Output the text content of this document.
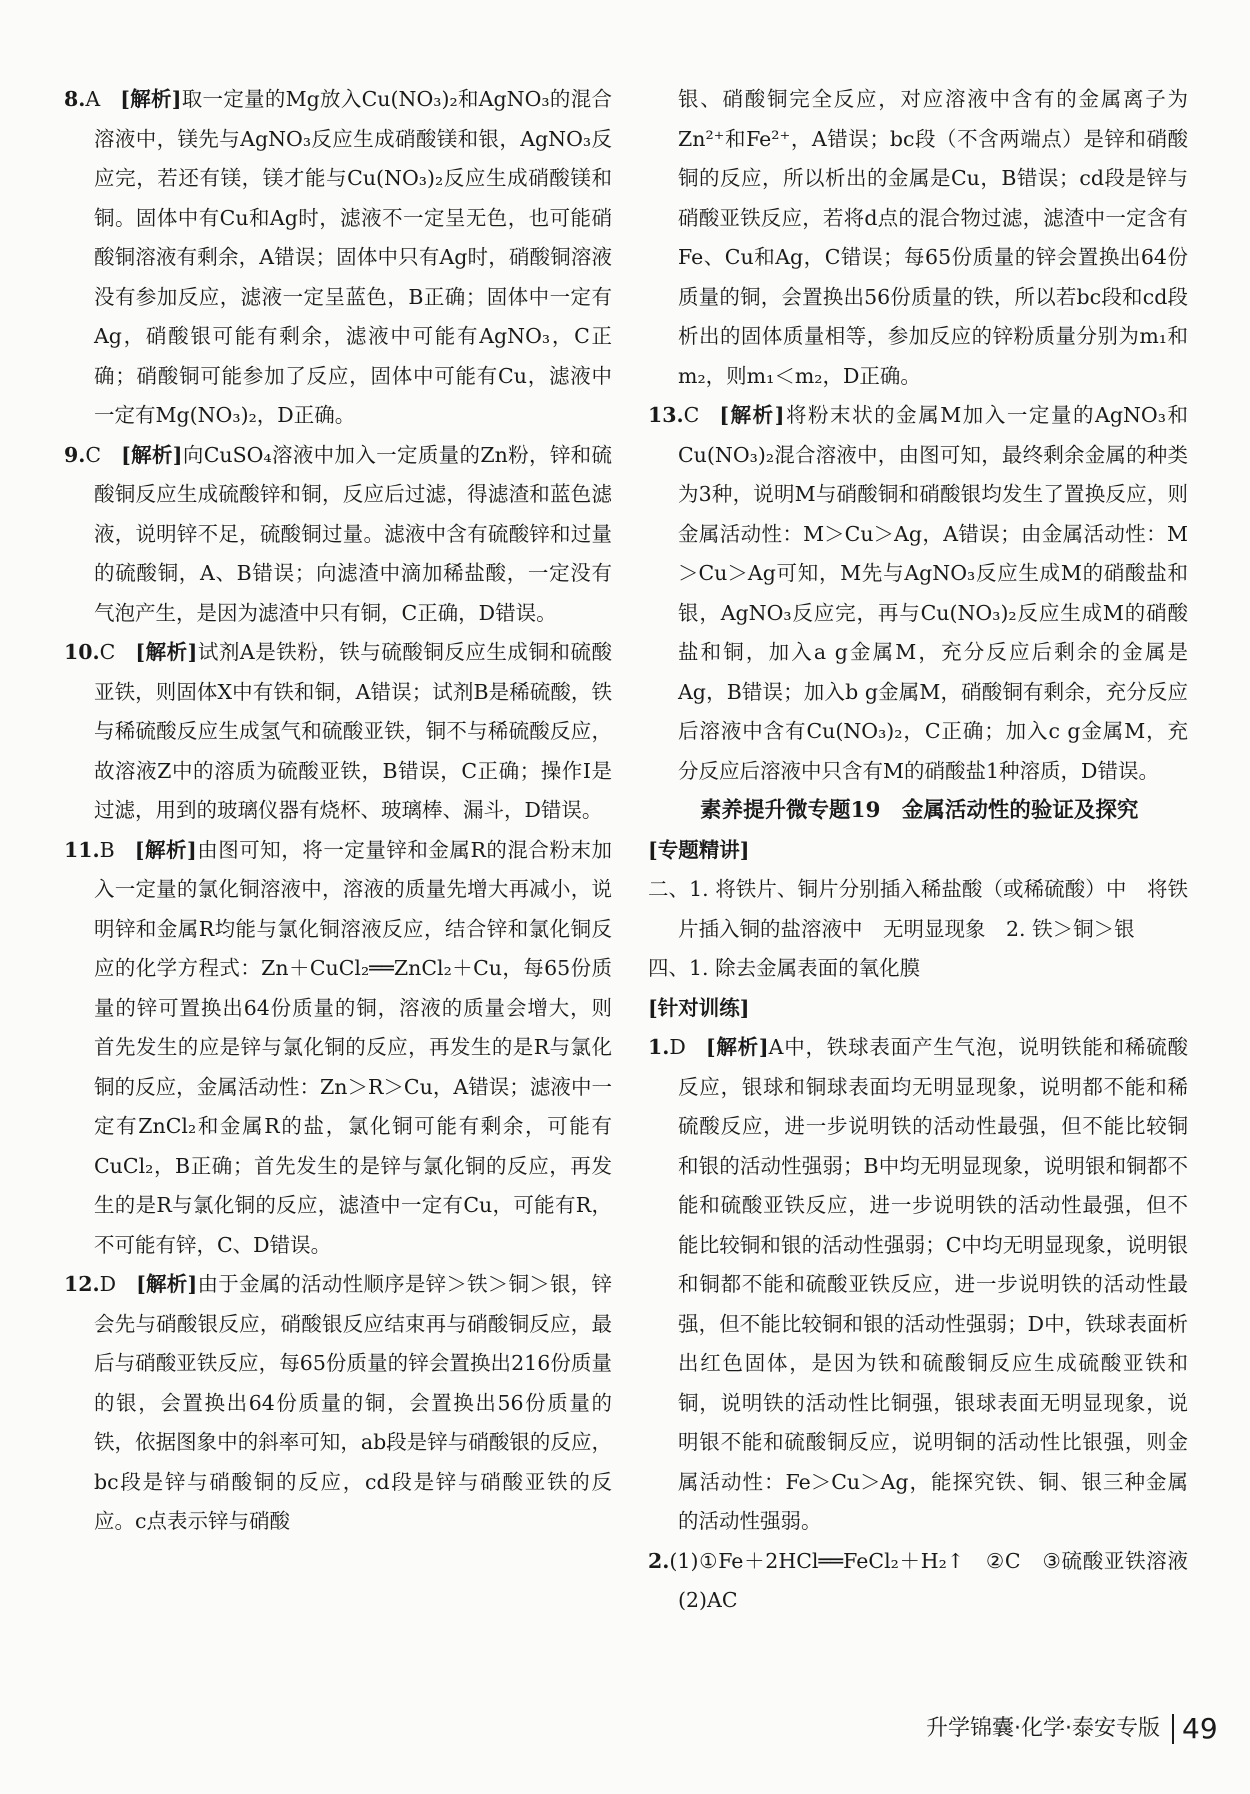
8.A [解析]取一定量的Mg放入Cu(NO₃)₂和AgNO₃的混合溶液中，镁先与AgNO₃反应生成硝酸镁和银，AgNO₃反应完，若还有镁，镁才能与Cu(NO₃)₂反应生成硝酸镁和铜。固体中有Cu和Ag时，滤液不一定呈无色，也可能硝酸铜溶液有剩余，A错误；固体中只有Ag时，硝酸铜溶液没有参加反应，滤液一定呈蓝色，B正确；固体中一定有Ag，硝酸银可能有剩余，滤液中可能有AgNO₃，C正确；硝酸铜可能参加了反应，固体中可能有Cu，滤液中一定有Mg(NO₃)₂，D正确。

9.C [解析]向CuSO₄溶液中加入一定质量的Zn粉，锌和硫酸铜反应生成硫酸锌和铜，反应后过滤，得滤渣和蓝色滤液，说明锌不足，硫酸铜过量。滤液中含有硫酸锌和过量的硫酸铜，A、B错误；向滤渣中滴加稀盐酸，一定没有气泡产生，是因为滤渣中只有铜，C正确，D错误。

10.C [解析]试剂A是铁粉，铁与硫酸铜反应生成铜和硫酸亚铁，则固体X中有铁和铜，A错误；试剂B是稀硫酸，铁与稀硫酸反应生成氢气和硫酸亚铁，铜不与稀硫酸反应，故溶液Z中的溶质为硫酸亚铁，B错误，C正确；操作Ⅰ是过滤，用到的玻璃仪器有烧杯、玻璃棒、漏斗，D错误。

11.B [解析]由图可知，将一定量锌和金属R的混合粉末加入一定量的氯化铜溶液中，溶液的质量先增大再减小，说明锌和金属R均能与氯化铜溶液反应，结合锌和氯化铜反应的化学方程式：Zn＋CuCl₂══ZnCl₂＋Cu，每65份质量的锌可置换出64份质量的铜，溶液的质量会增大，则首先发生的应是锌与氯化铜的反应，再发生的是R与氯化铜的反应，金属活动性：Zn＞R＞Cu，A错误；滤液中一定有ZnCl₂和金属R的盐，氯化铜可能有剩余，可能有CuCl₂，B正确；首先发生的是锌与氯化铜的反应，再发生的是R与氯化铜的反应，滤渣中一定有Cu，可能有R，不可能有锌，C、D错误。

12.D [解析]由于金属的活动性顺序是锌＞铁＞铜＞银，锌会先与硝酸银反应，硝酸银反应结束再与硝酸铜反应，最后与硝酸亚铁反应，每65份质量的锌会置换出216份质量的银，会置换出64份质量的铜，会置换出56份质量的铁，依据图象中的斜率可知，ab段是锌与硝酸银的反应，bc段是锌与硝酸铜的反应，cd段是锌与硝酸亚铁的反应。c点表示锌与硝酸

银、硝酸铜完全反应，对应溶液中含有的金属离子为Zn²⁺和Fe²⁺，A错误；bc段（不含两端点）是锌和硝酸铜的反应，所以析出的金属是Cu，B错误；cd段是锌与硝酸亚铁反应，若将d点的混合物过滤，滤渣中一定含有Fe、Cu和Ag，C错误；每65份质量的锌会置换出64份质量的铜，会置换出56份质量的铁，所以若bc段和cd段析出的固体质量相等，参加反应的锌粉质量分别为m₁和m₂，则m₁＜m₂，D正确。

13.C [解析]将粉末状的金属M加入一定量的AgNO₃和Cu(NO₃)₂混合溶液中，由图可知，最终剩余金属的种类为3种，说明M与硝酸铜和硝酸银均发生了置换反应，则金属活动性：M＞Cu＞Ag，A错误；由金属活动性：M＞Cu＞Ag可知，M先与AgNO₃反应生成M的硝酸盐和银，AgNO₃反应完，再与Cu(NO₃)₂反应生成M的硝酸盐和铜，加入a g金属M，充分反应后剩余的金属是Ag，B错误；加入b g金属M，硝酸铜有剩余，充分反应后溶液中含有Cu(NO₃)₂，C正确；加入c g金属M，充分反应后溶液中只含有M的硝酸盐1种溶质，D错误。

素养提升微专题19　金属活动性的验证及探究

[专题精讲]

二、1. 将铁片、铜片分别插入稀盐酸（或稀硫酸）中　将铁片插入铜的盐溶液中　无明显现象　2. 铁＞铜＞银

四、1. 除去金属表面的氧化膜

[针对训练]

1.D [解析]A中，铁球表面产生气泡，说明铁能和稀硫酸反应，银球和铜球表面均无明显现象，说明都不能和稀硫酸反应，进一步说明铁的活动性最强，但不能比较铜和银的活动性强弱；B中均无明显现象，说明银和铜都不能和硫酸亚铁反应，进一步说明铁的活动性最强，但不能比较铜和银的活动性强弱；C中均无明显现象，说明银和铜都不能和硫酸亚铁反应，进一步说明铁的活动性最强，但不能比较铜和银的活动性强弱；D中，铁球表面析出红色固体，是因为铁和硫酸铜反应生成硫酸亚铁和铜，说明铁的活动性比铜强，银球表面无明显现象，说明银不能和硫酸铜反应，说明铜的活动性比银强，则金属活动性：Fe＞Cu＞Ag，能探究铁、铜、银三种金属的活动性强弱。

2.(1)①Fe＋2HCl══FeCl₂＋H₂↑　②C　③硫酸亚铁溶液　(2)AC

升学锦囊·化学·泰安专版 49
